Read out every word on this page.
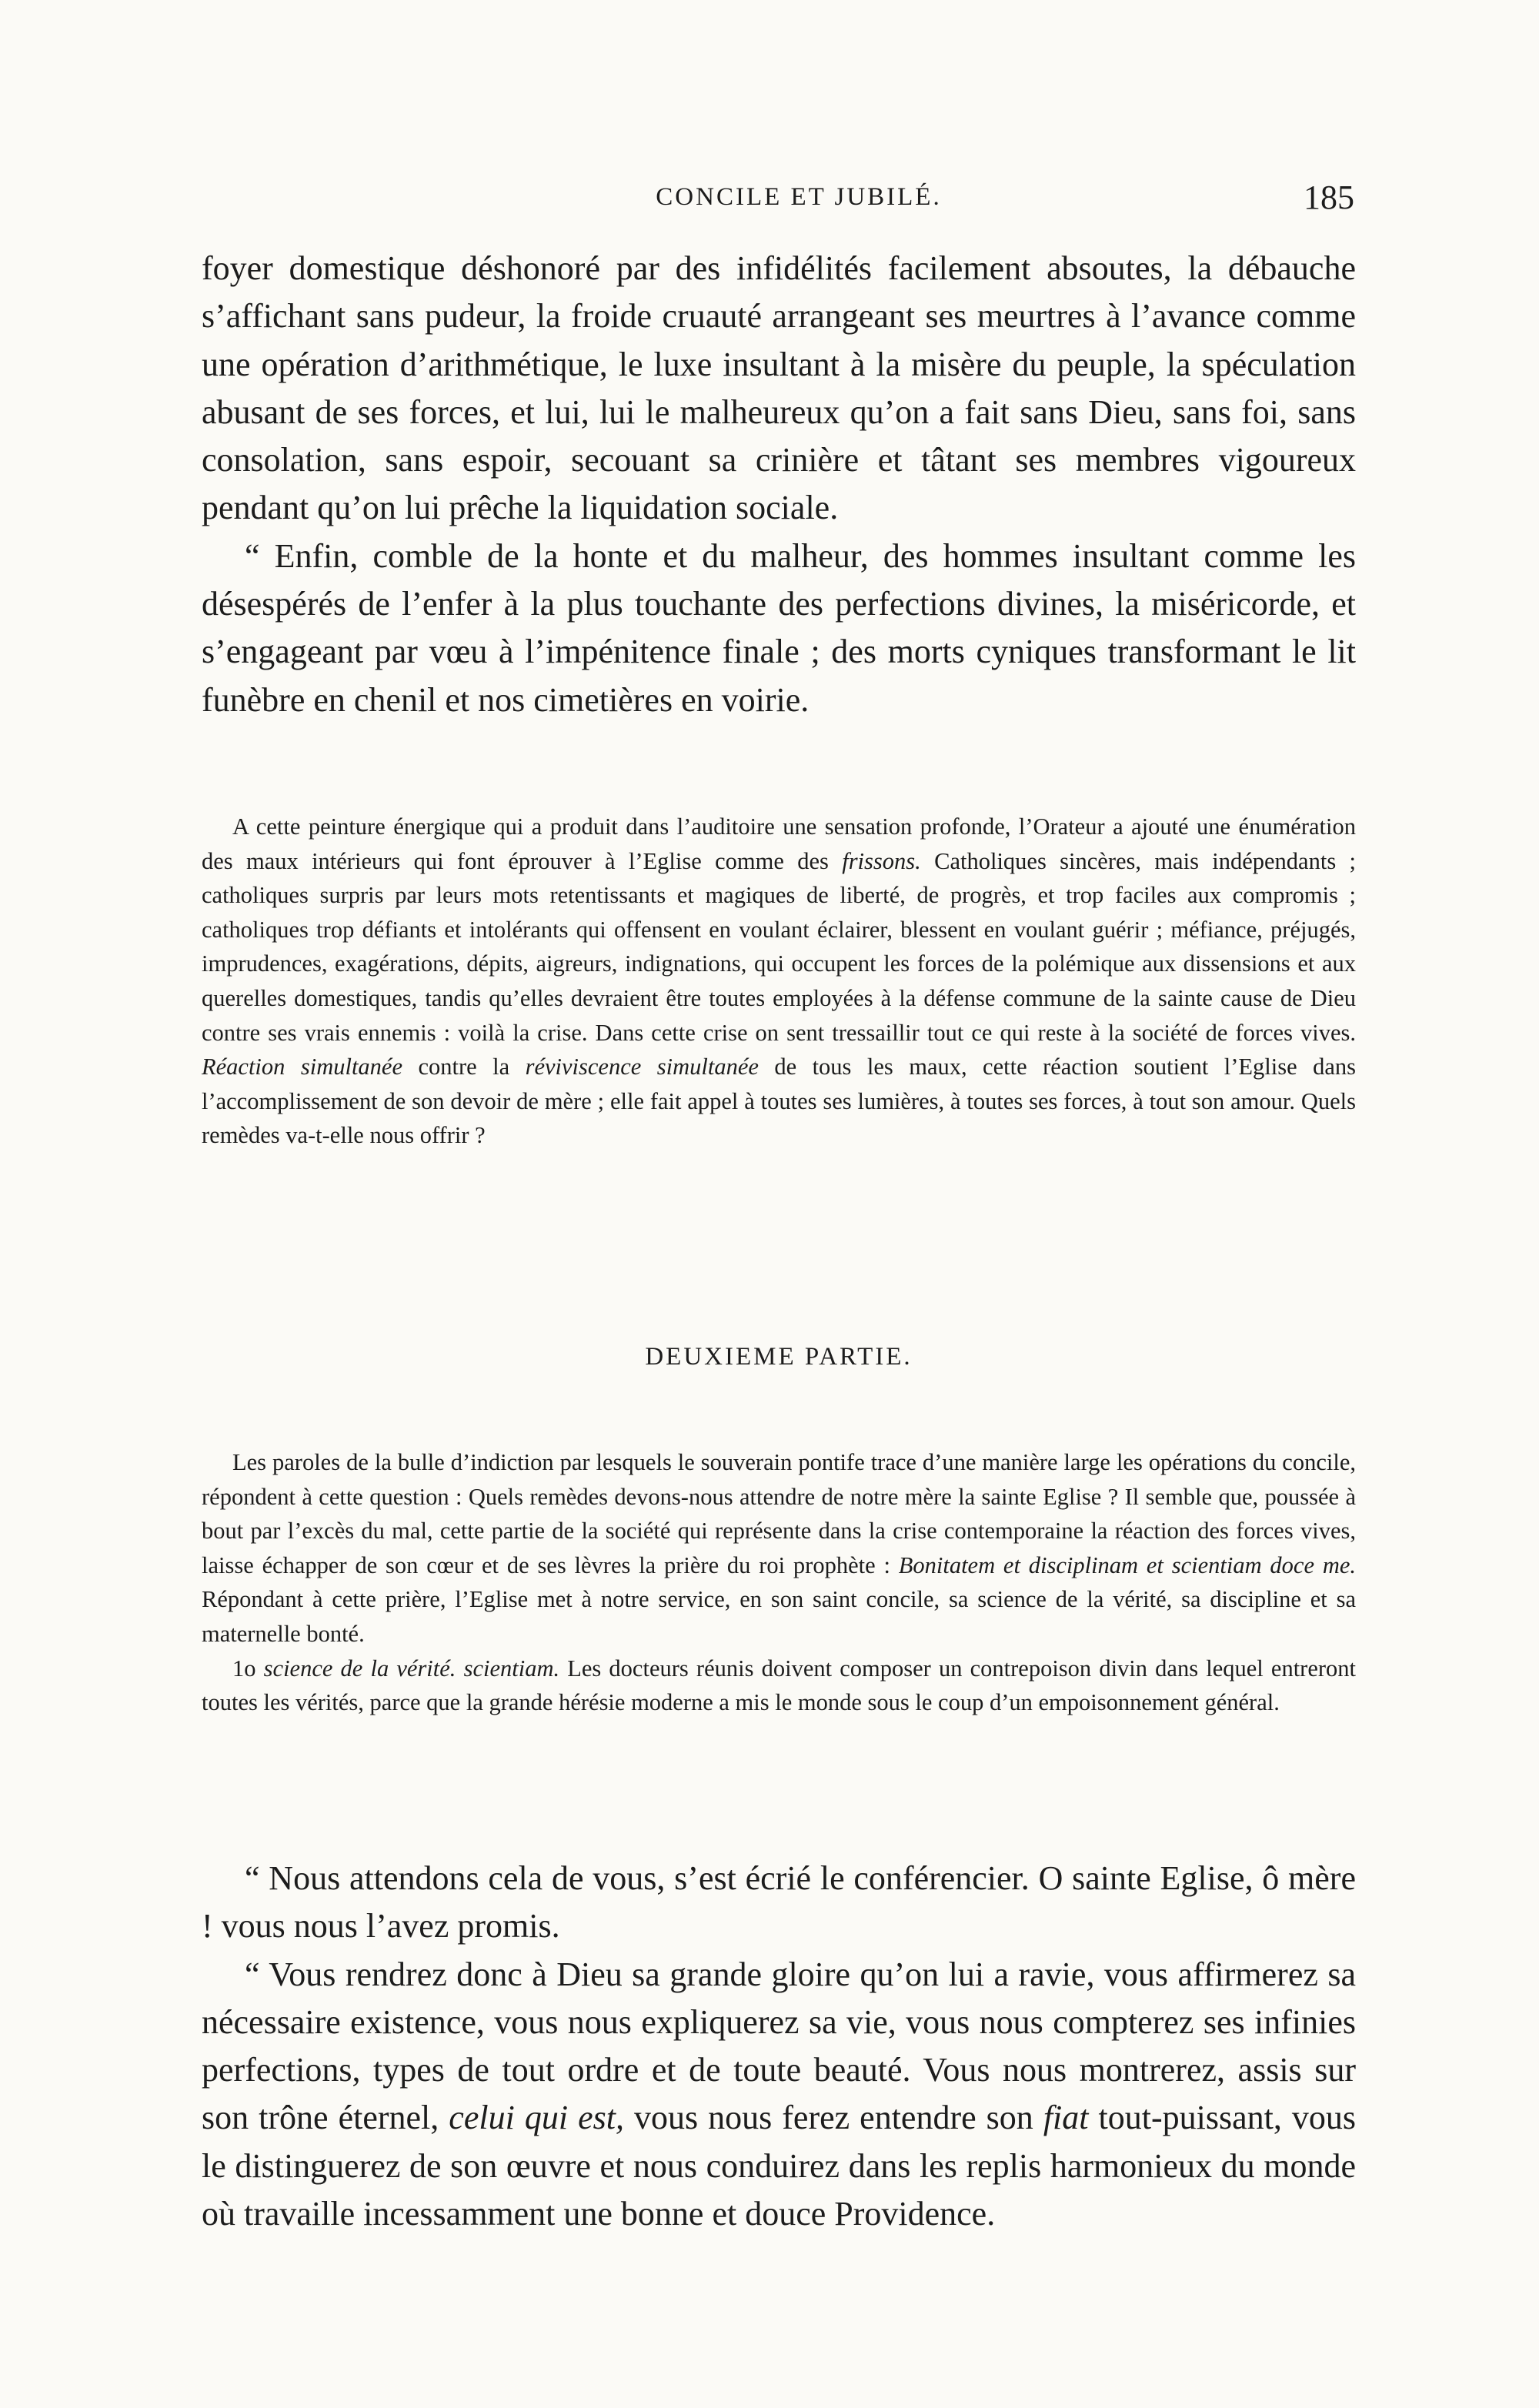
CONCILE ET JUBILÉ.	185

foyer domestique déshonoré par des infidélités facilement absoutes, la débauche s’affichant sans pudeur, la froide cruauté arrangeant ses meurtres à l’avance comme une opération d’arithmétique, le luxe insultant à la misère du peuple, la spéculation abusant de ses forces, et lui, lui le malheureux qu’on a fait sans Dieu, sans foi, sans consolation, sans espoir, secouant sa crinière et tâtant ses membres vigoureux pendant qu’on lui prêche la liquidation sociale.

“ Enfin, comble de la honte et du malheur, des hommes insultant comme les désespérés de l’enfer à la plus touchante des perfections divines, la miséricorde, et s’engageant par vœu à l’impénitence finale ; des morts cyniques transformant le lit funèbre en chenil et nos cimetières en voirie.

A cette peinture énergique qui a produit dans l’auditoire une sensation profonde, l’Orateur a ajouté une énumération des maux intérieurs qui font éprouver à l’Eglise comme des frissons. Catholiques sincères, mais indépendants ; catholiques surpris par leurs mots retentissants et magiques de liberté, de progrès, et trop faciles aux compromis ; catholiques trop défiants et intolérants qui offensent en voulant éclairer, blessent en voulant guérir ; méfiance, préjugés, imprudences, exagérations, dépits, aigreurs, indignations, qui occupent les forces de la polémique aux dissensions et aux querelles domestiques, tandis qu’elles devraient être toutes employées à la défense commune de la sainte cause de Dieu contre ses vrais ennemis : voilà la crise. Dans cette crise on sent tressaillir tout ce qui reste à la société de forces vives. Réaction simultanée contre la réviviscence simultanée de tous les maux, cette réaction soutient l’Eglise dans l’accomplissement de son devoir de mère ; elle fait appel à toutes ses lumières, à toutes ses forces, à tout son amour. Quels remèdes va-t-elle nous offrir ?

DEUXIEME PARTIE.

Les paroles de la bulle d’indiction par lesquels le souverain pontife trace d’une manière large les opérations du concile, répondent à cette question : Quels remèdes devons-nous attendre de notre mère la sainte Eglise ? Il semble que, poussée à bout par l’excès du mal, cette partie de la société qui représente dans la crise contemporaine la réaction des forces vives, laisse échapper de son cœur et de ses lèvres la prière du roi prophète : Bonitatem et disciplinam et scientiam doce me. Répondant à cette prière, l’Eglise met à notre service, en son saint concile, sa science de la vérité, sa discipline et sa maternelle bonté.

1o science de la vérité. scientiam. Les docteurs réunis doivent composer un contrepoison divin dans lequel entreront toutes les vérités, parce que la grande hérésie moderne a mis le monde sous le coup d’un empoisonnement général.

“ Nous attendons cela de vous, s’est écrié le conférencier. O sainte Eglise, ô mère ! vous nous l’avez promis.

“ Vous rendrez donc à Dieu sa grande gloire qu’on lui a ravie, vous affirmerez sa nécessaire existence, vous nous expliquerez sa vie, vous nous compterez ses infinies perfections, types de tout ordre et de toute beauté. Vous nous montrerez, assis sur son trône éternel, celui qui est, vous nous ferez entendre son fiat tout-puissant, vous le distinguerez de son œuvre et nous conduirez dans les replis harmonieux du monde où travaille incessamment une bonne et douce Providence.
